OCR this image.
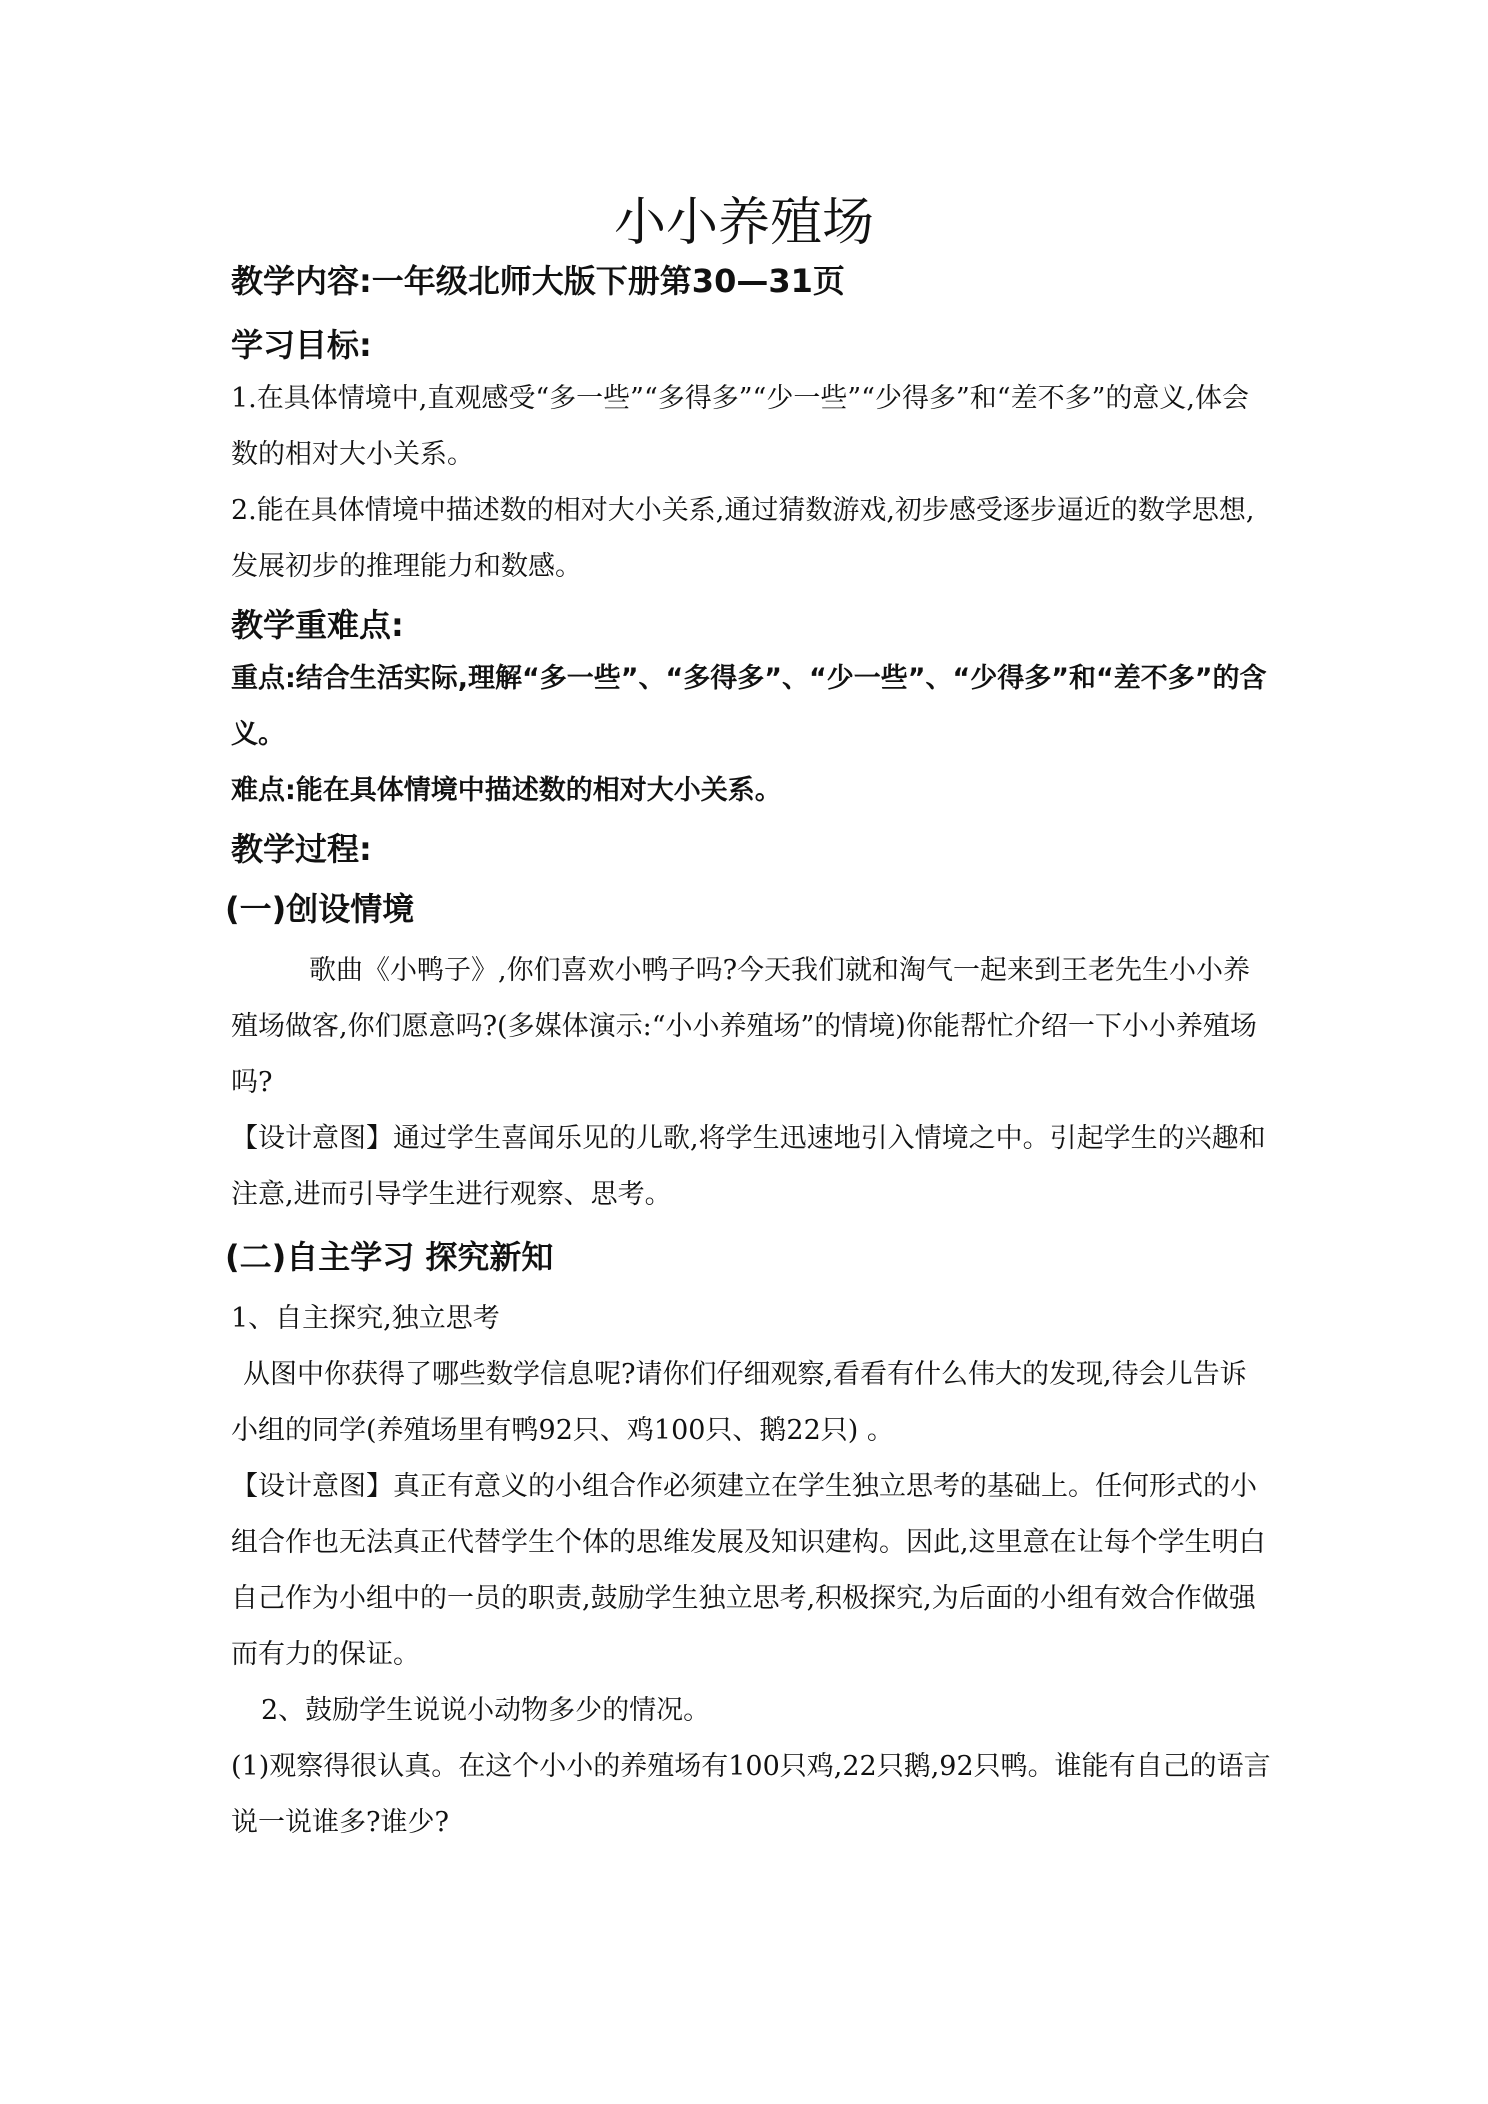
小小养殖场

教学内容:一年级北师大版下册第30—31页

学习目标:

1.在具体情境中,直观感受“多一些”“多得多”“少一些”“少得多”和“差不多”的意义,体会数的相对大小关系。

2.能在具体情境中描述数的相对大小关系,通过猜数游戏,初步感受逐步逼近的数学思想,发展初步的推理能力和数感。

教学重难点:

重点:结合生活实际,理解“多一些”、“多得多”、“少一些”、“少得多”和“差不多”的含义。

难点:能在具体情境中描述数的相对大小关系。

教学过程:

(一)创设情境

歌曲《小鸭子》,你们喜欢小鸭子吗?今天我们就和淘气一起来到王老先生小小养殖场做客,你们愿意吗?(多媒体演示:“小小养殖场”的情境)你能帮忙介绍一下小小养殖场吗?

【设计意图】通过学生喜闻乐见的儿歌,将学生迅速地引入情境之中。引起学生的兴趣和注意,进而引导学生进行观察、思考。

(二)自主学习 探究新知

1、自主探究,独立思考

从图中你获得了哪些数学信息呢?请你们仔细观察,看看有什么伟大的发现,待会儿告诉小组的同学(养殖场里有鸭92只、鸡100只、鹅22只) 。

【设计意图】真正有意义的小组合作必须建立在学生独立思考的基础上。任何形式的小组合作也无法真正代替学生个体的思维发展及知识建构。因此,这里意在让每个学生明白自己作为小组中的一员的职责,鼓励学生独立思考,积极探究,为后面的小组有效合作做强而有力的保证。

2、鼓励学生说说小动物多少的情况。

(1)观察得很认真。在这个小小的养殖场有100只鸡,22只鹅,92只鸭。谁能有自己的语言说一说谁多?谁少?
